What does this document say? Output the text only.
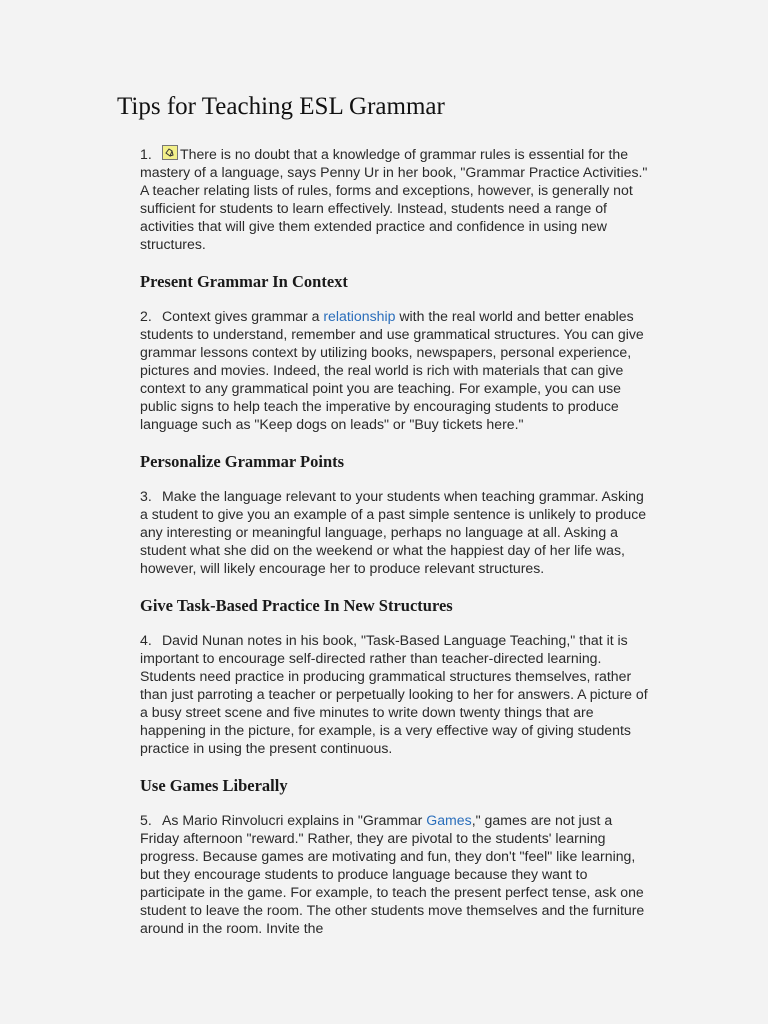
Tips for Teaching ESL Grammar

1. There is no doubt that a knowledge of grammar rules is essential for the mastery of a language, says Penny Ur in her book, "Grammar Practice Activities." A teacher relating lists of rules, forms and exceptions, however, is generally not sufficient for students to learn effectively. Instead, students need a range of activities that will give them extended practice and confidence in using new structures.

Present Grammar In Context

2. Context gives grammar a relationship with the real world and better enables students to understand, remember and use grammatical structures. You can give grammar lessons context by utilizing books, newspapers, personal experience, pictures and movies. Indeed, the real world is rich with materials that can give context to any grammatical point you are teaching. For example, you can use public signs to help teach the imperative by encouraging students to produce language such as "Keep dogs on leads" or "Buy tickets here."

Personalize Grammar Points

3. Make the language relevant to your students when teaching grammar. Asking a student to give you an example of a past simple sentence is unlikely to produce any interesting or meaningful language, perhaps no language at all. Asking a student what she did on the weekend or what the happiest day of her life was, however, will likely encourage her to produce relevant structures.

Give Task-Based Practice In New Structures

4. David Nunan notes in his book, "Task-Based Language Teaching," that it is important to encourage self-directed rather than teacher-directed learning. Students need practice in producing grammatical structures themselves, rather than just parroting a teacher or perpetually looking to her for answers. A picture of a busy street scene and five minutes to write down twenty things that are happening in the picture, for example, is a very effective way of giving students practice in using the present continuous.

Use Games Liberally

5. As Mario Rinvolucri explains in "Grammar Games," games are not just a Friday afternoon "reward." Rather, they are pivotal to the students' learning progress. Because games are motivating and fun, they don't "feel" like learning, but they encourage students to produce language because they want to participate in the game. For example, to teach the present perfect tense, ask one student to leave the room. The other students move themselves and the furniture around in the room. Invite the
